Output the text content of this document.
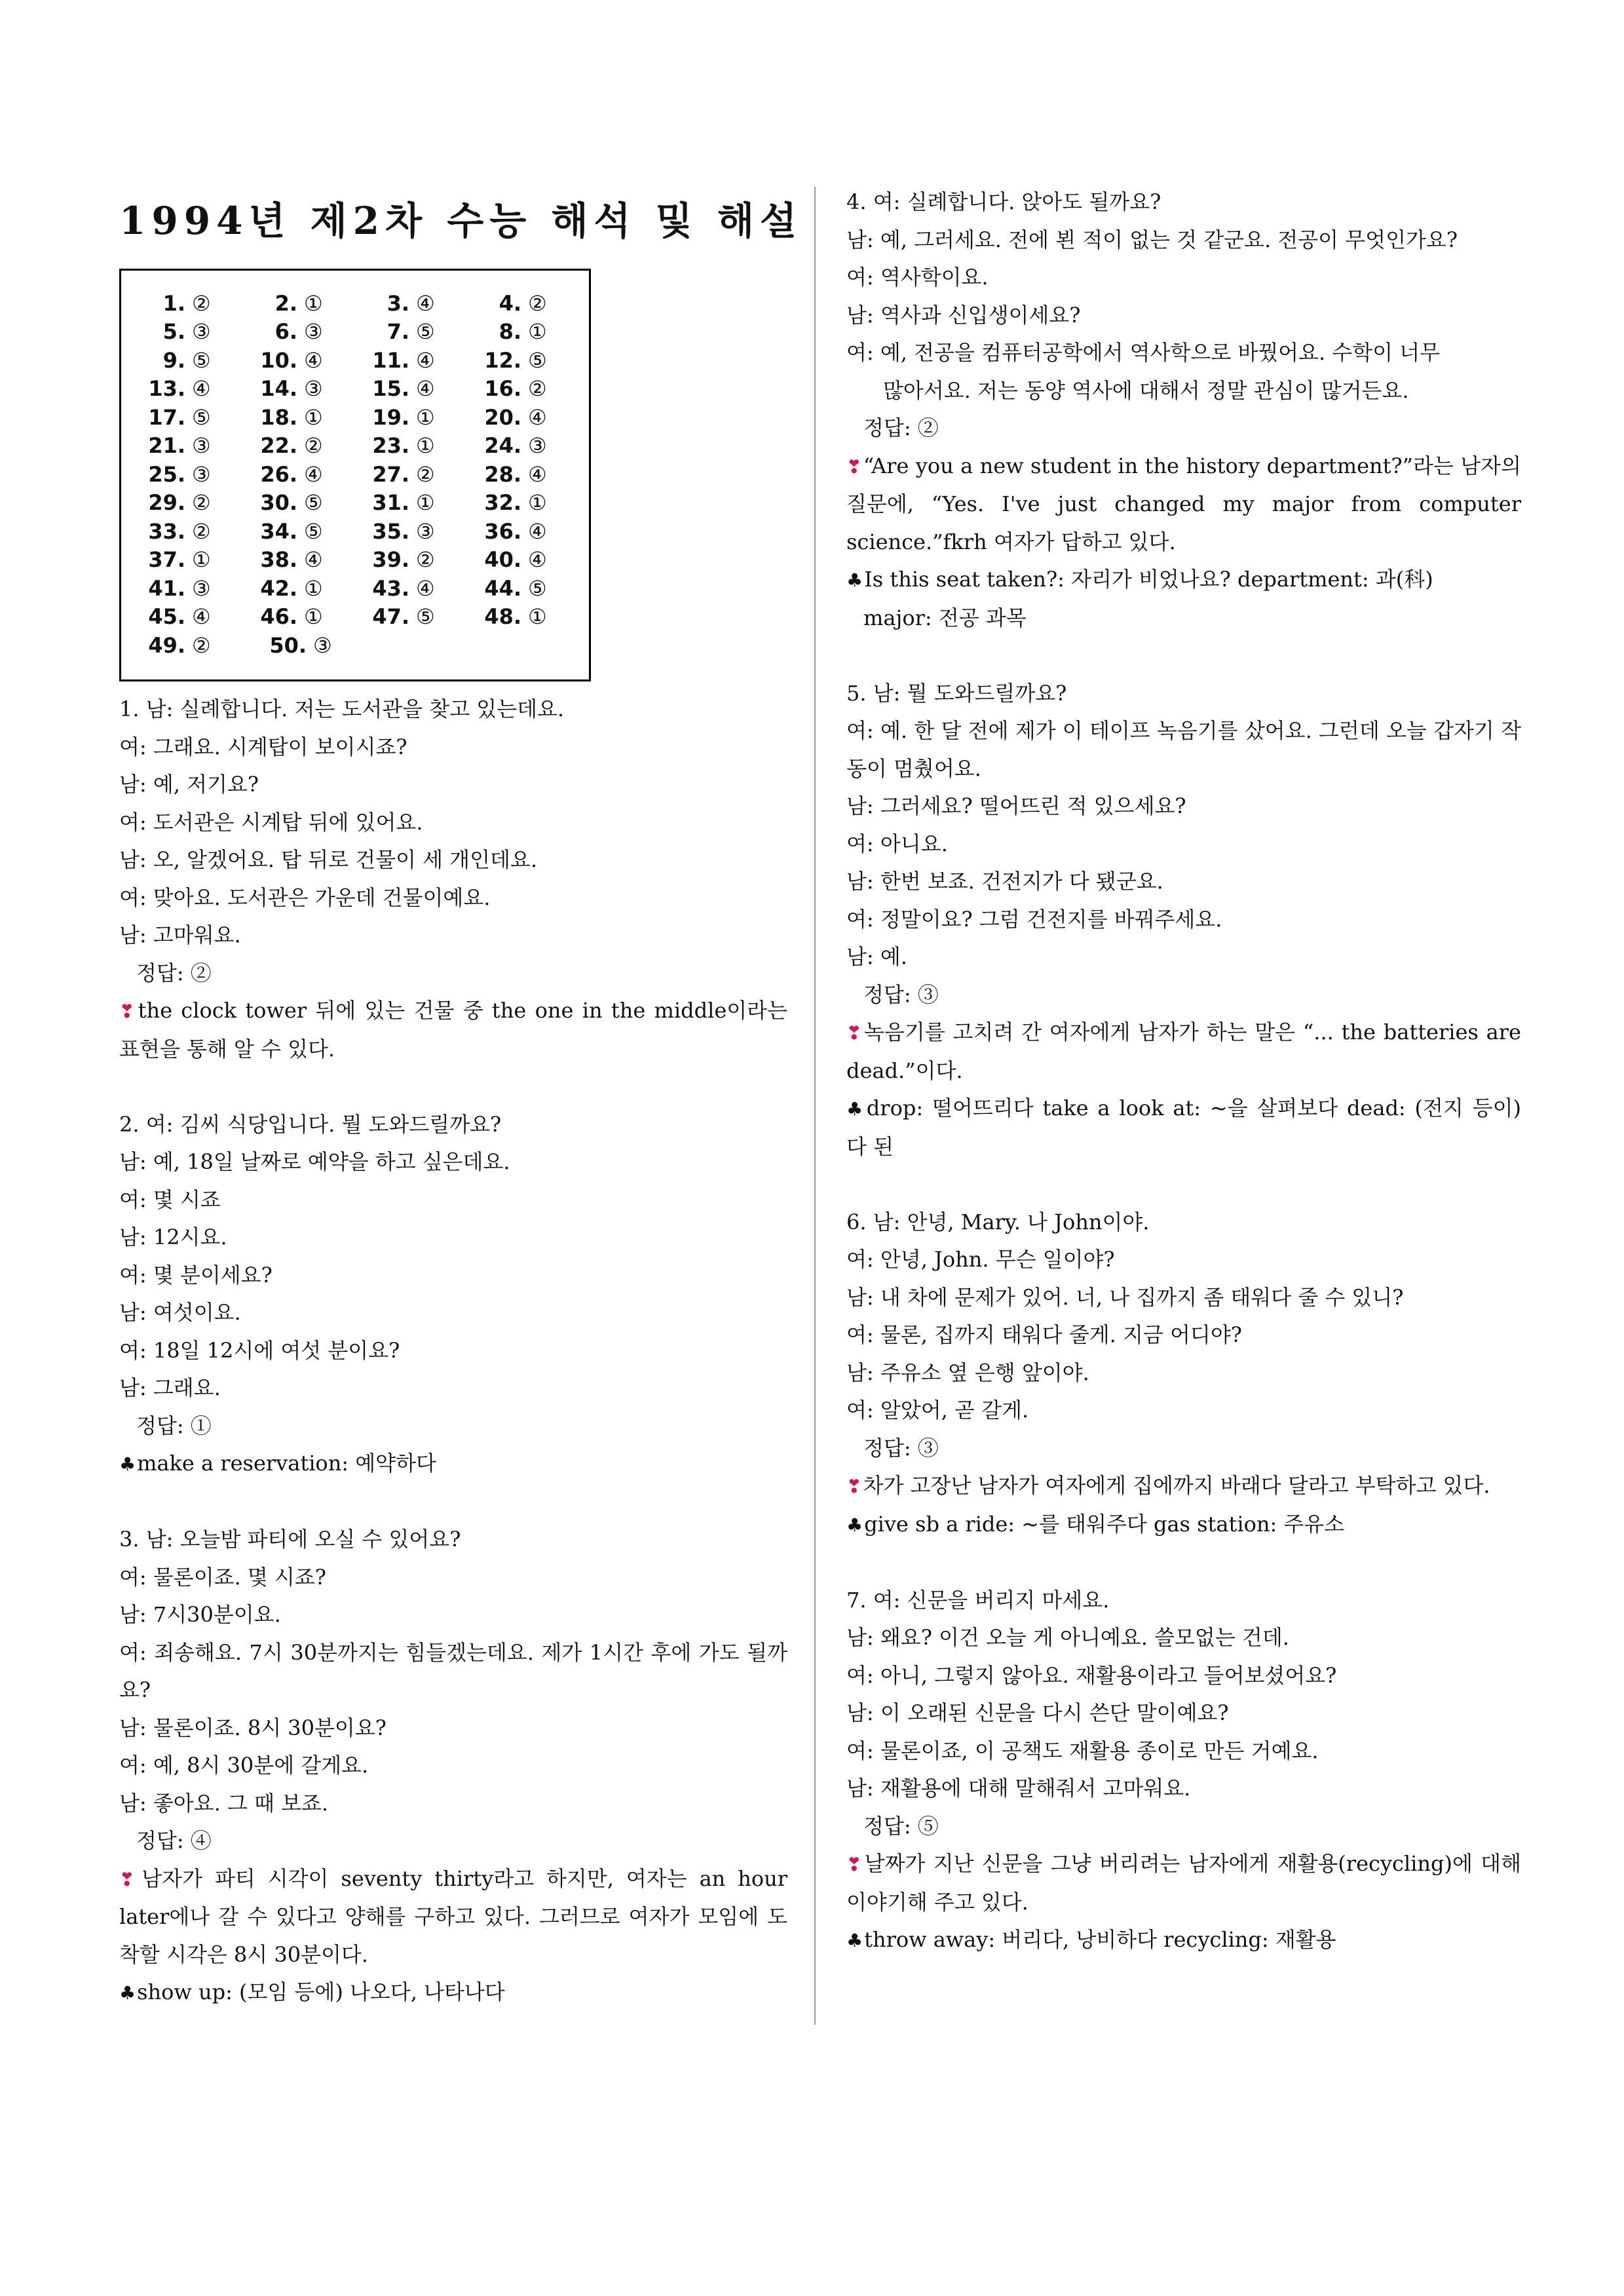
1994년 제2차 수능 해석 및 해설
1. ②	2. ①	3. ④	4. ②
5. ③	6. ③	7. ⑤	8. ①
9. ⑤	10. ④	11. ④	12. ⑤
13. ④	14. ③	15. ④	16. ②
17. ⑤	18. ①	19. ①	20. ④
21. ③	22. ②	23. ①	24. ③
25. ③	26. ④	27. ②	28. ④
29. ②	30. ⑤	31. ①	32. ①
33. ②	34. ⑤	35. ③	36. ④
37. ①	38. ④	39. ②	40. ④
41. ③	42. ①	43. ④	44. ⑤
45. ④	46. ①	47. ⑤	48. ①
49. ②	50. ③
1. 남: 실례합니다. 저는 도서관을 찾고 있는데요.
여: 그래요. 시계탑이 보이시죠?
남: 예, 저기요?
여: 도서관은 시계탑 뒤에 있어요.
남: 오, 알겠어요. 탑 뒤로 건물이 세 개인데요.
여: 맞아요. 도서관은 가운데 건물이예요.
남: 고마워요.
정답: ②
❣the clock tower 뒤에 있는 건물 중 the one in the middle이라는 표현을 통해 알 수 있다.
2. 여: 김씨 식당입니다. 뭘 도와드릴까요?
남: 예, 18일 날짜로 예약을 하고 싶은데요.
여: 몇 시죠
남: 12시요.
여: 몇 분이세요?
남: 여섯이요.
여: 18일 12시에 여섯 분이요?
남: 그래요.
정답: ①
♣make a reservation: 예약하다
3. 남: 오늘밤 파티에 오실 수 있어요?
여: 물론이죠. 몇 시죠?
남: 7시30분이요.
여: 죄송해요. 7시 30분까지는 힘들겠는데요. 제가 1시간 후에 가도 될까요?
남: 물론이죠. 8시 30분이요?
여: 예, 8시 30분에 갈게요.
남: 좋아요. 그 때 보죠.
정답: ④
❣남자가 파티 시각이 seventy thirty라고 하지만, 여자는 an hour later에나 갈 수 있다고 양해를 구하고 있다. 그러므로 여자가 모임에 도착할 시각은 8시 30분이다.
♣show up: (모임 등에) 나오다, 나타나다
4. 여: 실례합니다. 앉아도 될까요?
남: 예, 그러세요. 전에 뵌 적이 없는 것 같군요. 전공이 무엇인가요?
여: 역사학이요.
남: 역사과 신입생이세요?
여: 예, 전공을 컴퓨터공학에서 역사학으로 바꿨어요. 수학이 너무
많아서요. 저는 동양 역사에 대해서 정말 관심이 많거든요.
정답: ②
❣“Are you a new student in the history department?”라는 남자의 질문에, “Yes. I've just changed my major from computer science.”fkrh 여자가 답하고 있다.
♣Is this seat taken?: 자리가 비었나요? department: 과(科)
major: 전공 과목
5. 남: 뭘 도와드릴까요?
여: 예. 한 달 전에 제가 이 테이프 녹음기를 샀어요. 그런데 오늘 갑자기 작동이 멈췄어요.
남: 그러세요? 떨어뜨린 적 있으세요?
여: 아니요.
남: 한번 보죠. 건전지가 다 됐군요.
여: 정말이요? 그럼 건전지를 바꿔주세요.
남: 예.
정답: ③
❣녹음기를 고치려 간 여자에게 남자가 하는 말은 “... the batteries are dead.”이다.
♣drop: 떨어뜨리다 take a look at: ~을 살펴보다 dead: (전지 등이) 다 된
6. 남: 안녕, Mary. 나 John이야.
여: 안녕, John. 무슨 일이야?
남: 내 차에 문제가 있어. 너, 나 집까지 좀 태워다 줄 수 있니?
여: 물론, 집까지 태워다 줄게. 지금 어디야?
남: 주유소 옆 은행 앞이야.
여: 알았어, 곧 갈게.
정답: ③
❣차가 고장난 남자가 여자에게 집에까지 바래다 달라고 부탁하고 있다.
♣give sb a ride: ~를 태워주다 gas station: 주유소
7. 여: 신문을 버리지 마세요.
남: 왜요? 이건 오늘 게 아니예요. 쓸모없는 건데.
여: 아니, 그렇지 않아요. 재활용이라고 들어보셨어요?
남: 이 오래된 신문을 다시 쓴단 말이예요?
여: 물론이죠, 이 공책도 재활용 종이로 만든 거예요.
남: 재활용에 대해 말해줘서 고마워요.
정답: ⑤
❣날짜가 지난 신문을 그냥 버리려는 남자에게 재활용(recycling)에 대해 이야기해 주고 있다.
♣throw away: 버리다, 낭비하다 recycling: 재활용
